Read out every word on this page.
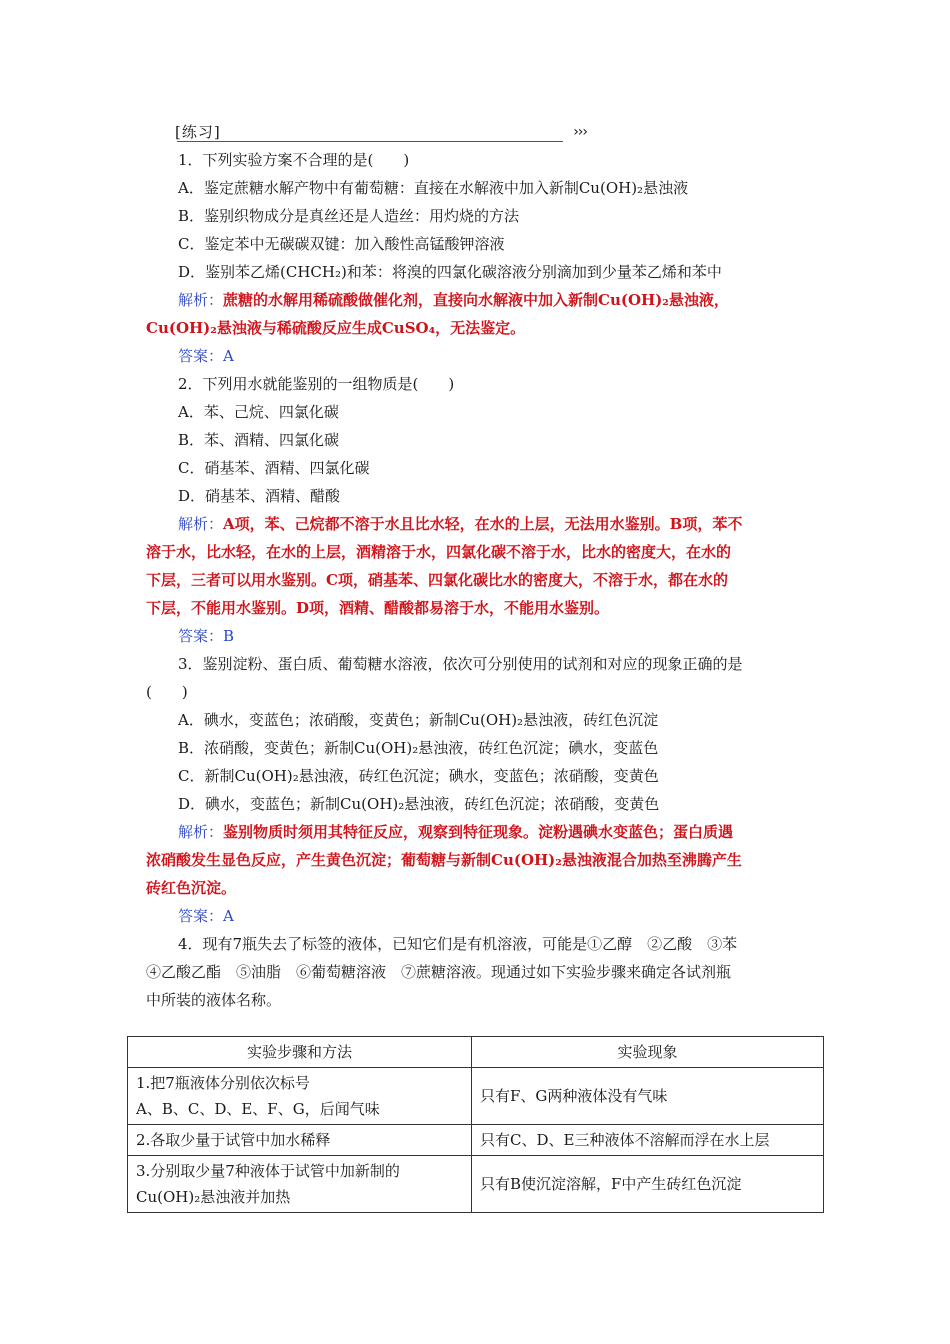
[练习]	›››
1．下列实验方案不合理的是(　　)
A．鉴定蔗糖水解产物中有葡萄糖：直接在水解液中加入新制Cu(OH)₂悬浊液
B．鉴别织物成分是真丝还是人造丝：用灼烧的方法
C．鉴定苯中无碳碳双键：加入酸性高锰酸钾溶液
D．鉴别苯乙烯(CHCH₂)和苯：将溴的四氯化碳溶液分别滴加到少量苯乙烯和苯中
解析：蔗糖的水解用稀硫酸做催化剂，直接向水解液中加入新制Cu(OH)₂悬浊液，
Cu(OH)₂悬浊液与稀硫酸反应生成CuSO₄，无法鉴定。
答案：A
2．下列用水就能鉴别的一组物质是(　　)
A．苯、己烷、四氯化碳
B．苯、酒精、四氯化碳
C．硝基苯、酒精、四氯化碳
D．硝基苯、酒精、醋酸
解析：A项，苯、己烷都不溶于水且比水轻，在水的上层，无法用水鉴别。B项，苯不
溶于水，比水轻，在水的上层，酒精溶于水，四氯化碳不溶于水，比水的密度大，在水的
下层，三者可以用水鉴别。C项，硝基苯、四氯化碳比水的密度大，不溶于水，都在水的
下层，不能用水鉴别。D项，酒精、醋酸都易溶于水，不能用水鉴别。
答案：B
3．鉴别淀粉、蛋白质、葡萄糖水溶液，依次可分别使用的试剂和对应的现象正确的是
(　　)
A．碘水，变蓝色；浓硝酸，变黄色；新制Cu(OH)₂悬浊液，砖红色沉淀
B．浓硝酸，变黄色；新制Cu(OH)₂悬浊液，砖红色沉淀；碘水，变蓝色
C．新制Cu(OH)₂悬浊液，砖红色沉淀；碘水，变蓝色；浓硝酸，变黄色
D．碘水，变蓝色；新制Cu(OH)₂悬浊液，砖红色沉淀；浓硝酸，变黄色
解析：鉴别物质时须用其特征反应，观察到特征现象。淀粉遇碘水变蓝色；蛋白质遇
浓硝酸发生显色反应，产生黄色沉淀；葡萄糖与新制Cu(OH)₂悬浊液混合加热至沸腾产生
砖红色沉淀。
答案：A
4．现有7瓶失去了标签的液体，已知它们是有机溶液，可能是①乙醇　②乙酸　③苯
④乙酸乙酯　⑤油脂　⑥葡萄糖溶液　⑦蔗糖溶液。现通过如下实验步骤来确定各试剂瓶
中所装的液体名称。
实验步骤和方法	实验现象

1.把7瓶液体分别依次标号
A、B、C、D、E、F、G，后闻气味	只有F、G两种液体没有气味
2.各取少量于试管中加水稀释	只有C、D、E三种液体不溶解而浮在水上层

3.分别取少量7种液体于试管中加新制的
Cu(OH)₂悬浊液并加热	只有B使沉淀溶解，F中产生砖红色沉淀
